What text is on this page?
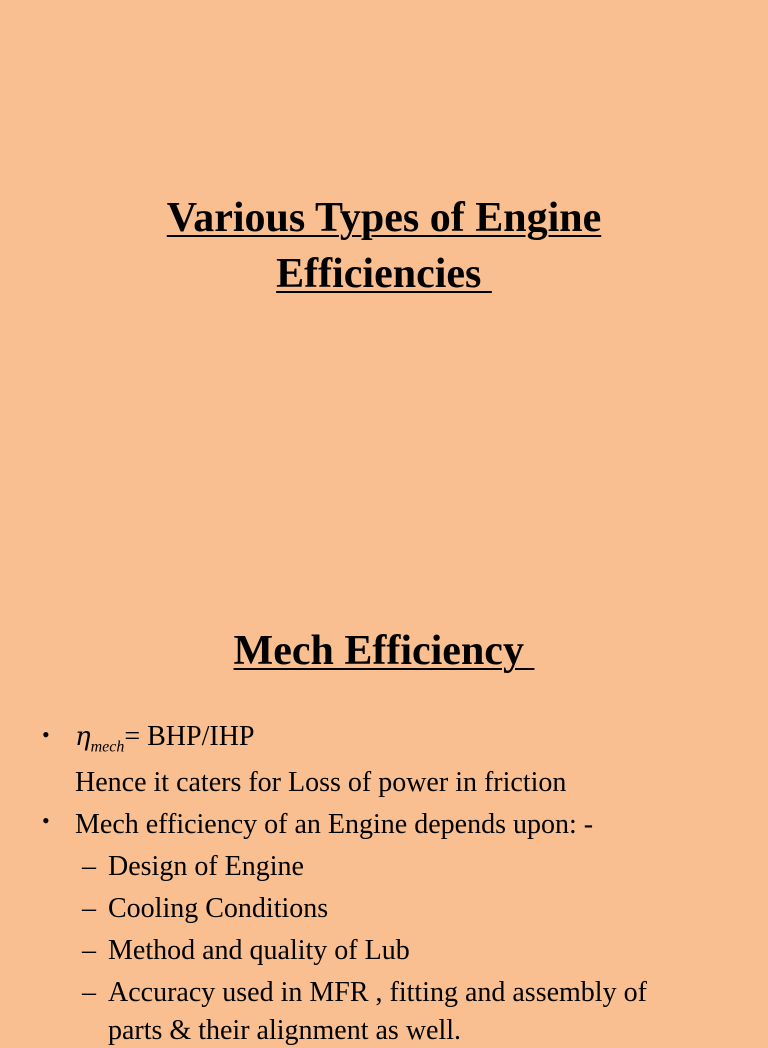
Various Types of Engine
Efficiencies
Mech Efficiency
• $\eta_{mech}= BHP/IHP$
Hence it caters for Loss of power in friction
• Mech efficiency of an Engine depends upon: -
– Design of Engine
– Cooling Conditions
– Method and quality of Lub
– Accuracy used in MFR , fitting and assembly of
parts & their alignment as well.
